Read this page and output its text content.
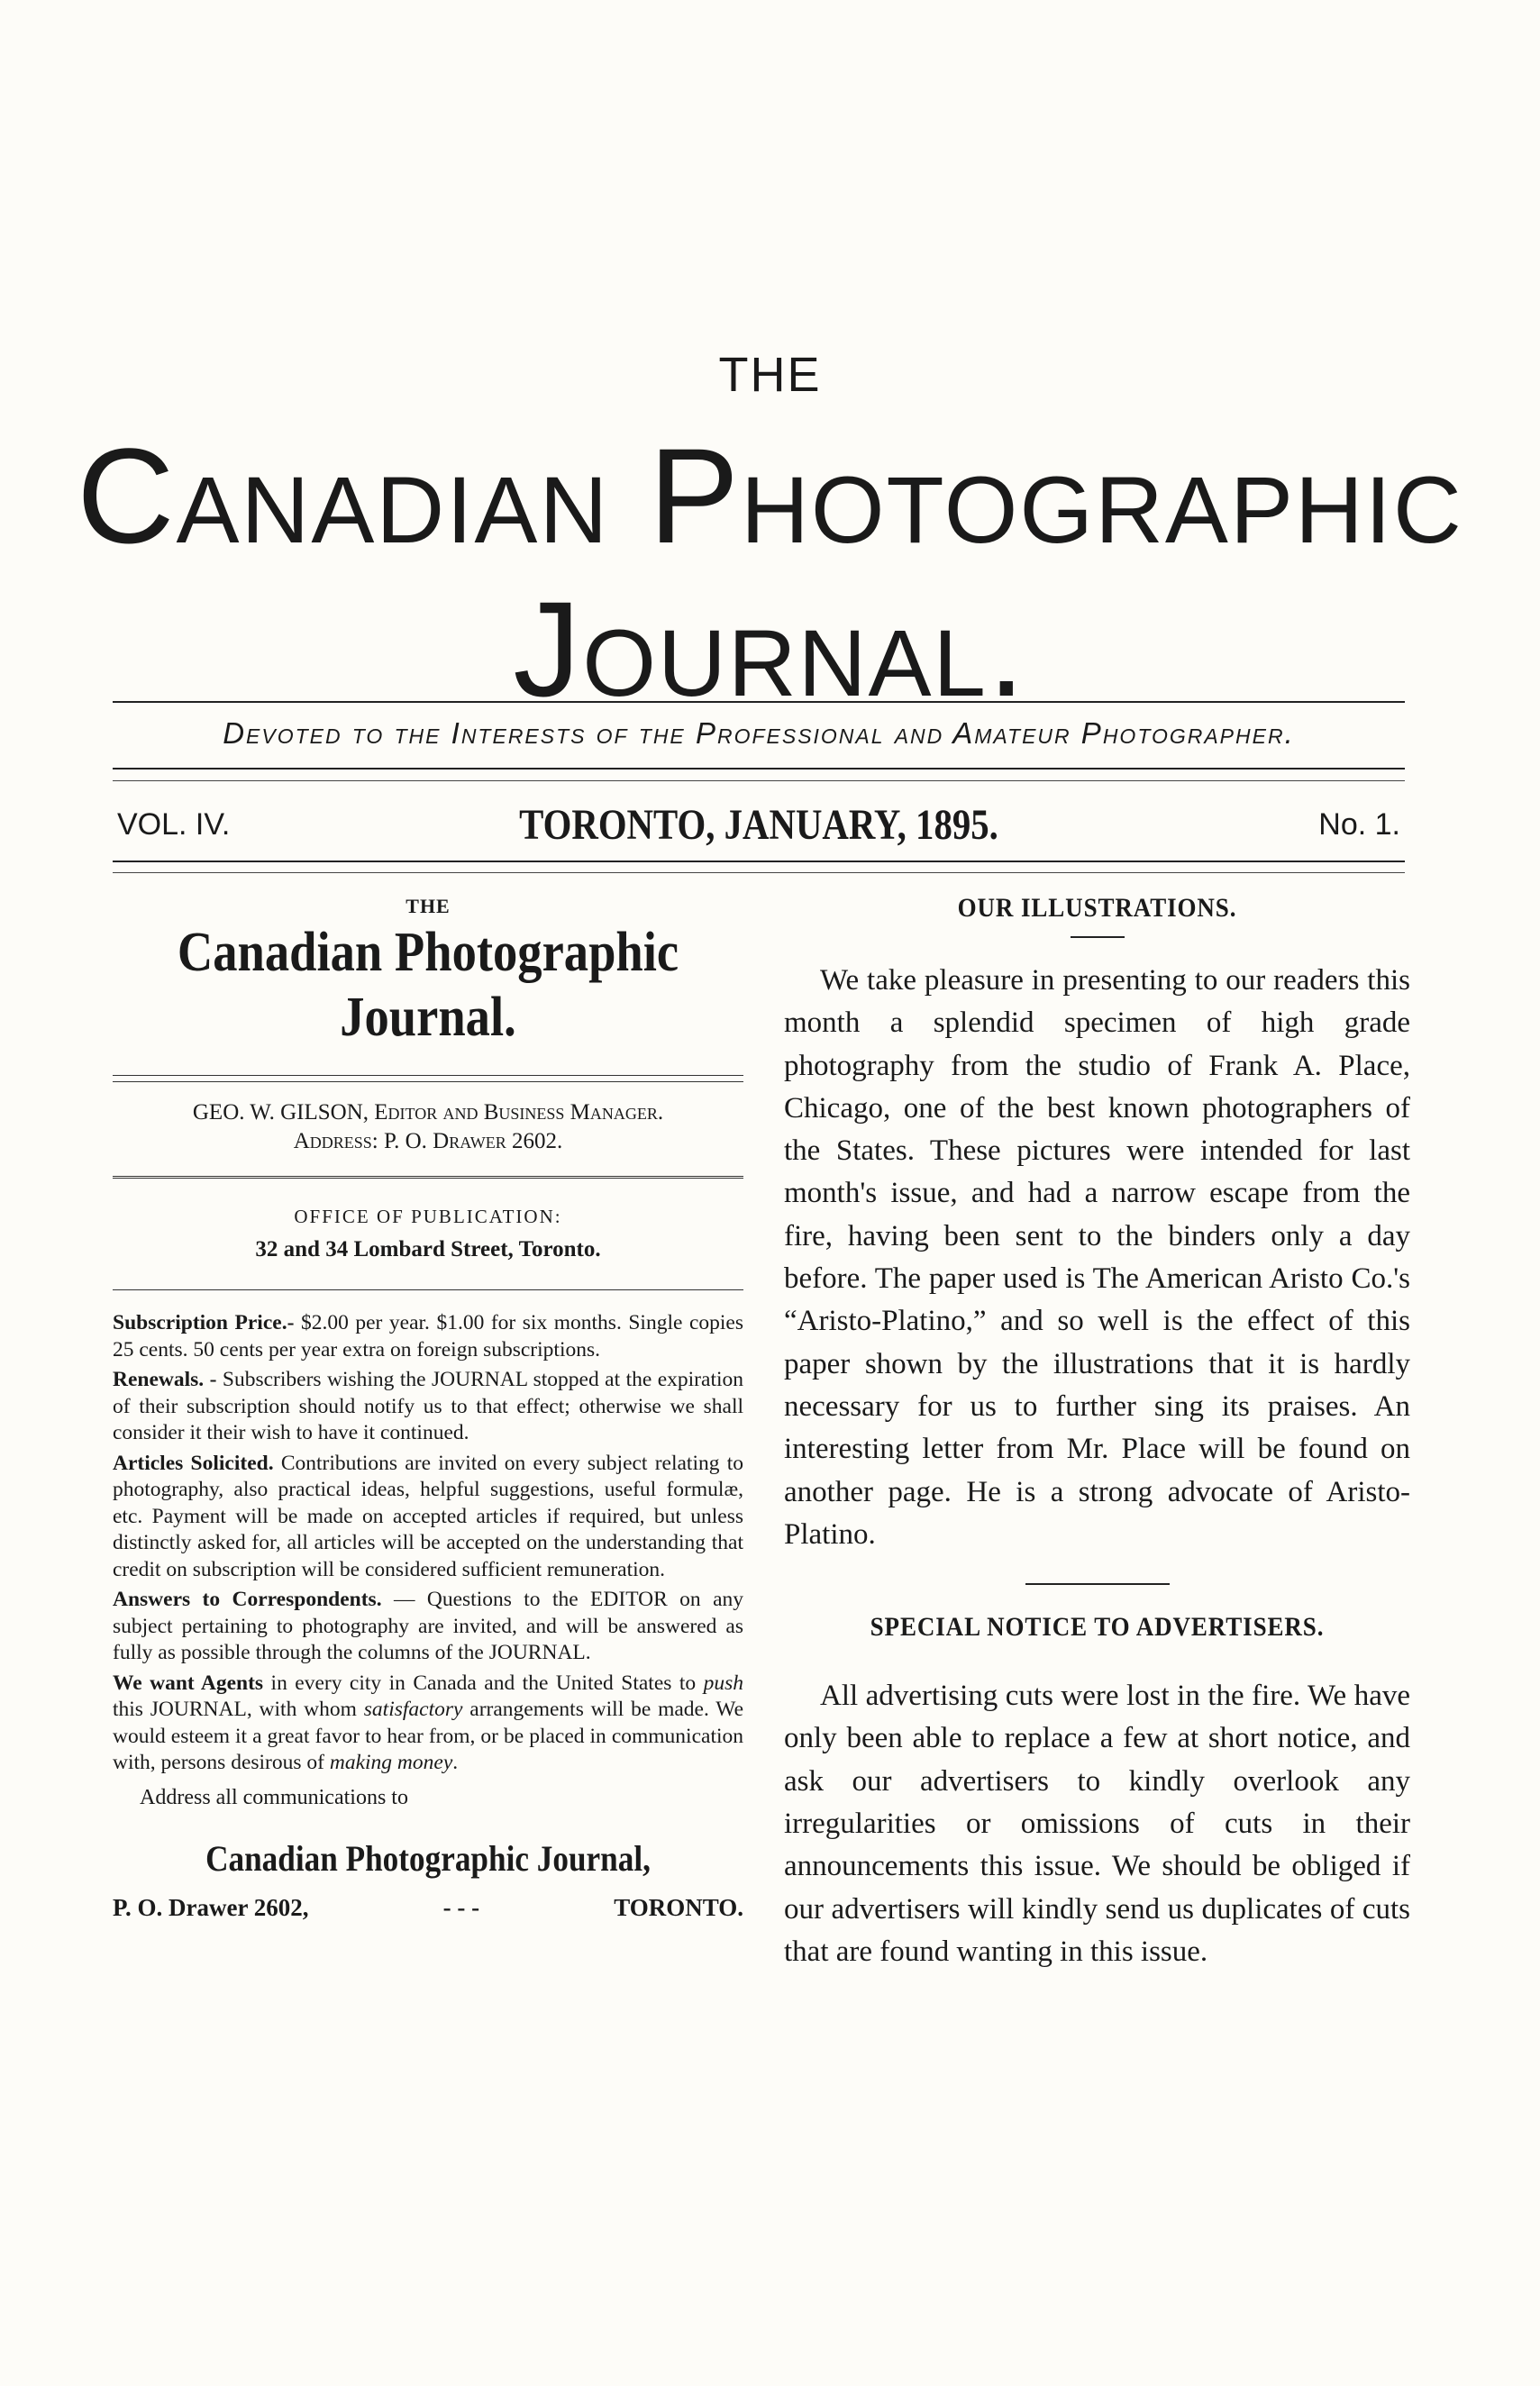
THE
Canadian Photographic
Journal.
Devoted to the Interests of the Professional and Amateur Photographer.
VOL. IV.	TORONTO, JANUARY, 1895.	No. 1.
THE
Canadian Photographic Journal.
GEO. W. GILSON, Editor and Business Manager.
Address: P. O. Drawer 2602.
OFFICE OF PUBLICATION:
32 and 34 Lombard Street, Toronto.

Subscription Price.- $2.00 per year. $1.00 for six months. Single copies 25 cents. 50 cents per year extra on foreign subscriptions.

Renewals. - Subscribers wishing the JOURNAL stopped at the expiration of their subscription should notify us to that effect; otherwise we shall consider it their wish to have it continued.

Articles Solicited. Contributions are invited on every subject relating to photography, also practical ideas, helpful suggestions, useful formulæ, etc. Payment will be made on accepted articles if required, but unless distinctly asked for, all articles will be accepted on the understanding that credit on subscription will be considered sufficient remuneration.

Answers to Correspondents. — Questions to the EDITOR on any subject pertaining to photography are invited, and will be answered as fully as possible through the columns of the JOURNAL.

We want Agents in every city in Canada and the United States to push this JOURNAL, with whom satisfactory arrangements will be made. We would esteem it a great favor to hear from, or be placed in communication with, persons desirous of making money.

Address all communications to
Canadian Photographic Journal,
P. O. Drawer 2602,	- - -	TORONTO.
OUR ILLUSTRATIONS.
We take pleasure in presenting to our readers this month a splendid specimen of high grade photography from the studio of Frank A. Place, Chicago, one of the best known photographers of the States. These pictures were intended for last month's issue, and had a narrow escape from the fire, having been sent to the binders only a day before. The paper used is The American Aristo Co.'s “Aristo-Platino,” and so well is the effect of this paper shown by the illustrations that it is hardly necessary for us to further sing its praises. An interesting letter from Mr. Place will be found on another page. He is a strong advocate of Aristo-Platino.
SPECIAL NOTICE TO ADVERTISERS.
All advertising cuts were lost in the fire. We have only been able to replace a few at short notice, and ask our advertisers to kindly overlook any irregularities or omissions of cuts in their announcements this issue. We should be obliged if our advertisers will kindly send us duplicates of cuts that are found wanting in this issue.
